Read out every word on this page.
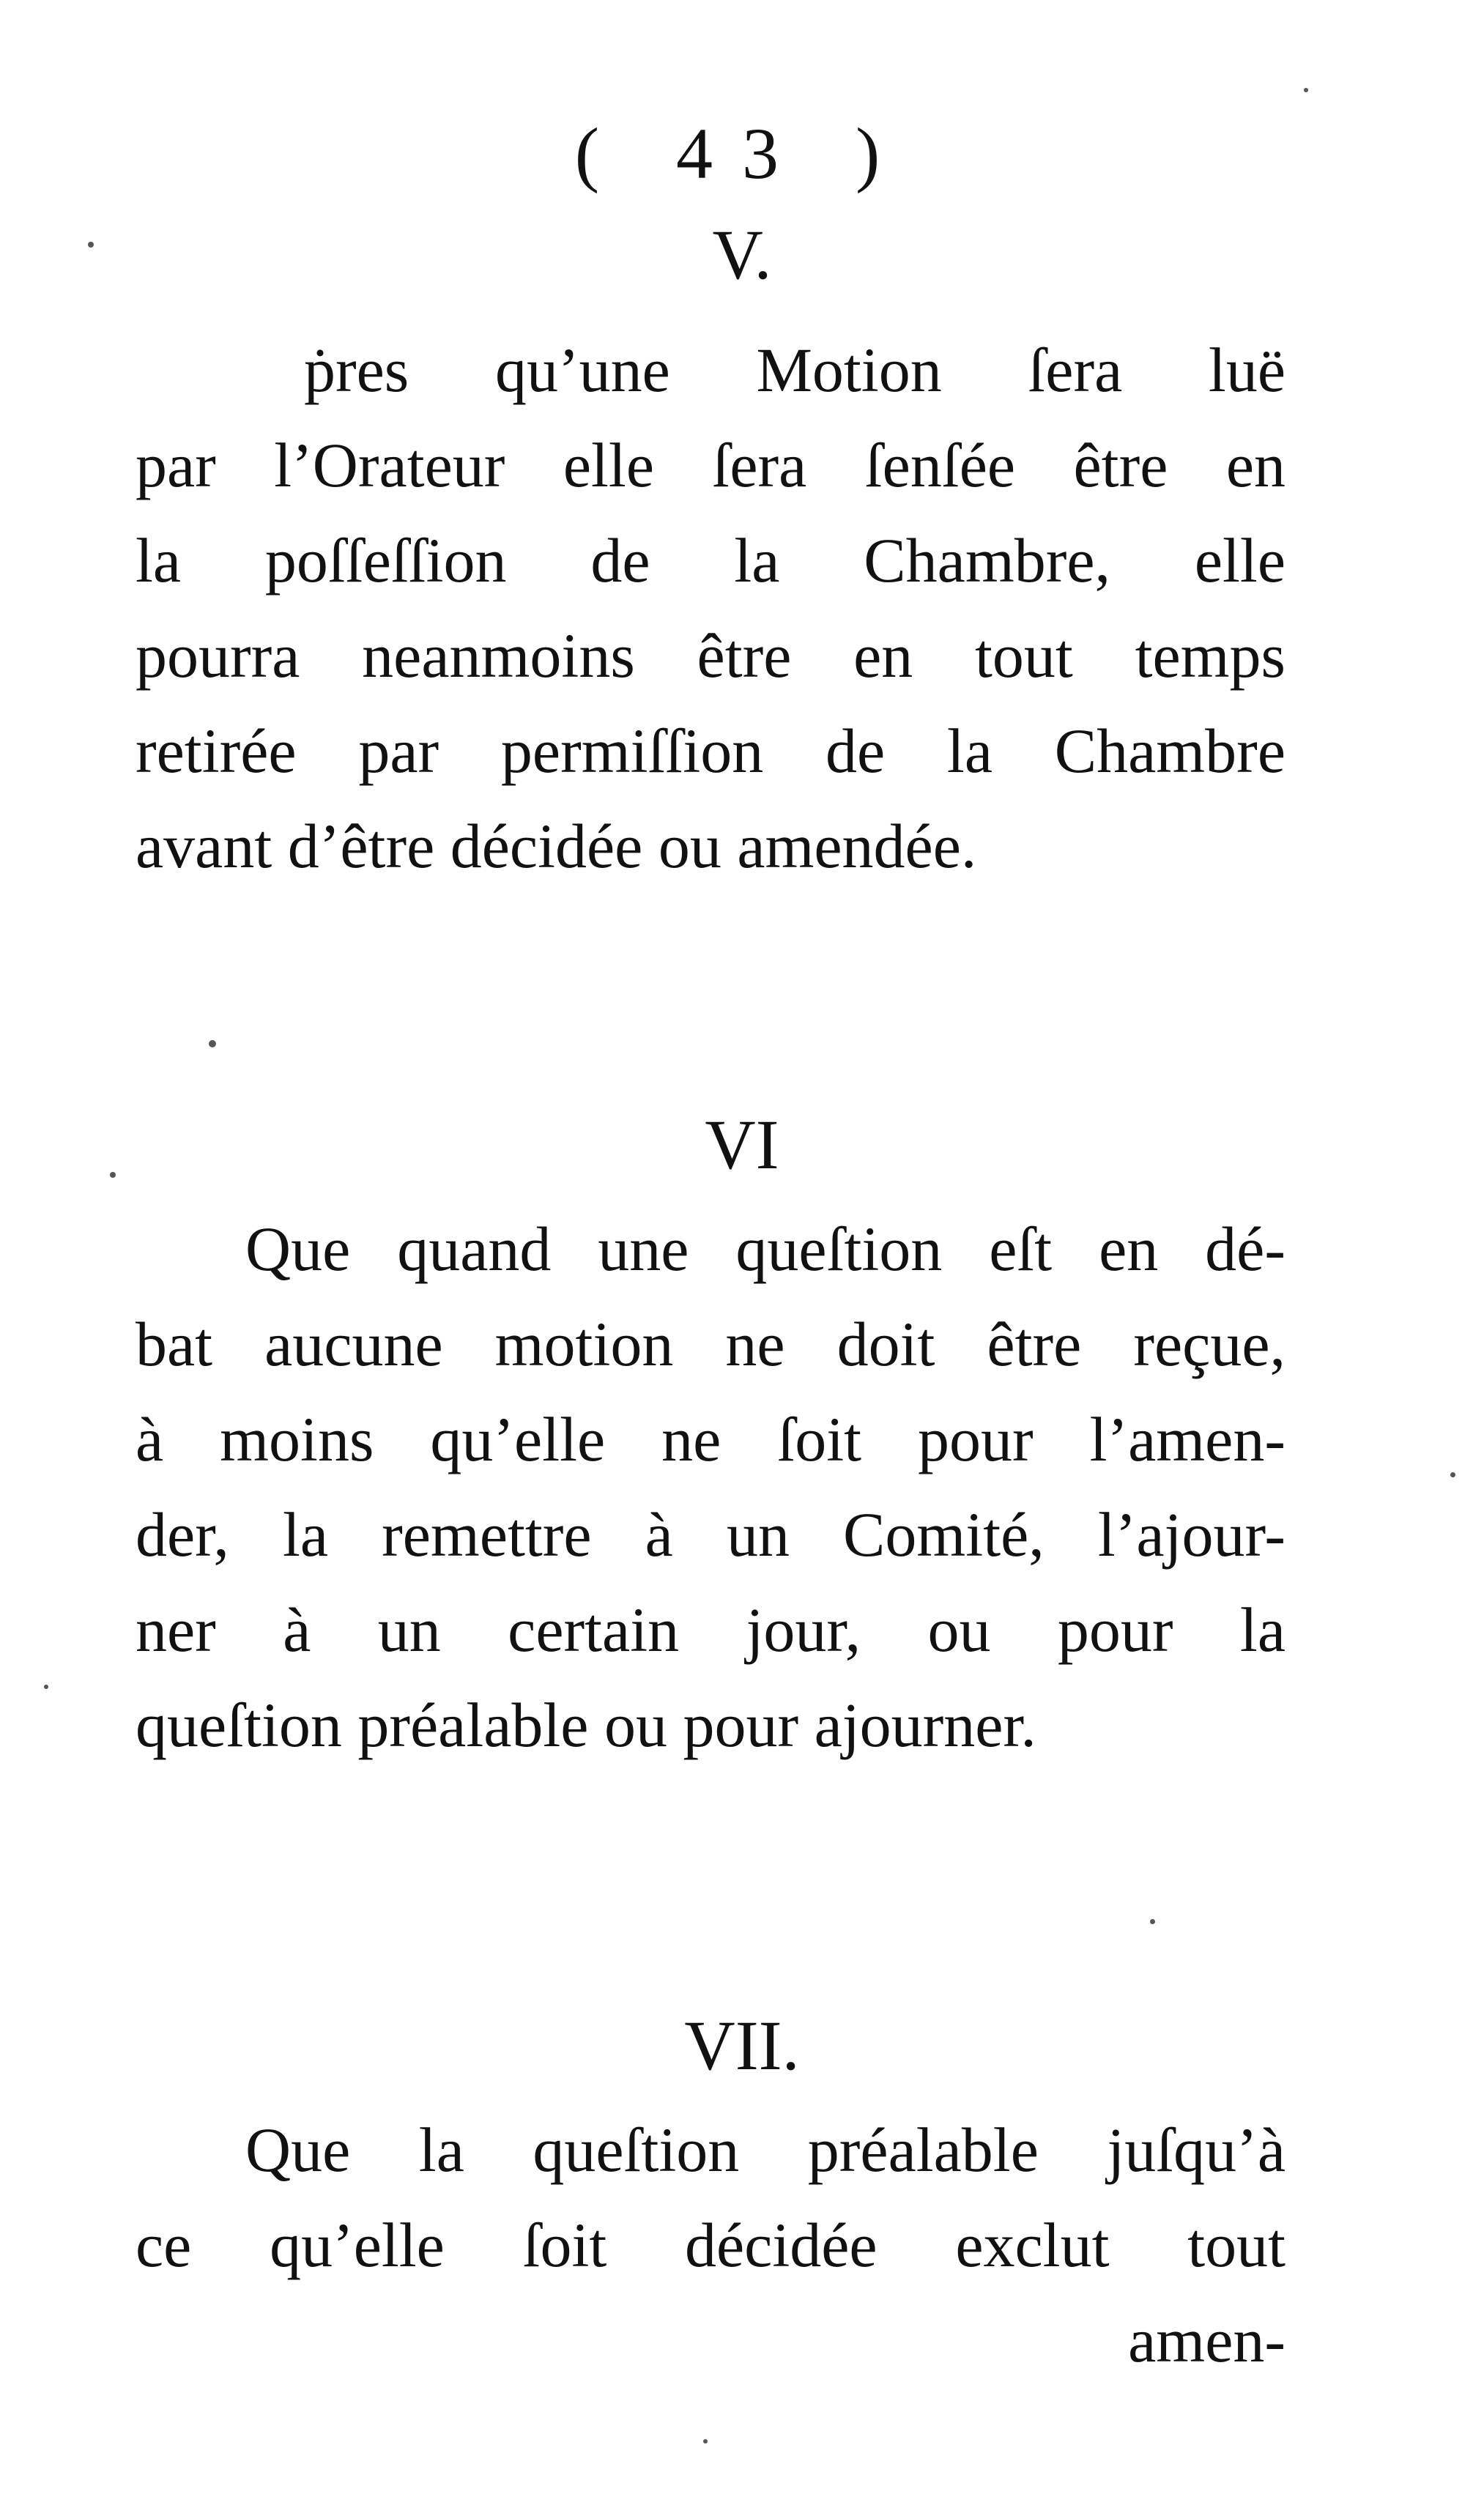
( 43 )
V.
ṗres qu’une Motion ſera luë
par l’Orateur elle ſera ſenſée être en
la poſſeſſion de la Chambre, elle
pourra neanmoins être en tout temps
retirée par permiſſion de la Chambre
avant d’être décidée ou amendée.
VI
Que quand une queſtion eſt en dé-
bat aucune motion ne doit être reçue,
à moins qu’elle ne ſoit pour l’amen-
der, la remettre à un Comité, l’ajour-
ner à un certain jour, ou pour la
queſtion préalable ou pour ajourner.
VII.
Que la queſtion préalable juſqu’à
ce qu’elle ſoit décidée exclut tout
amen-
